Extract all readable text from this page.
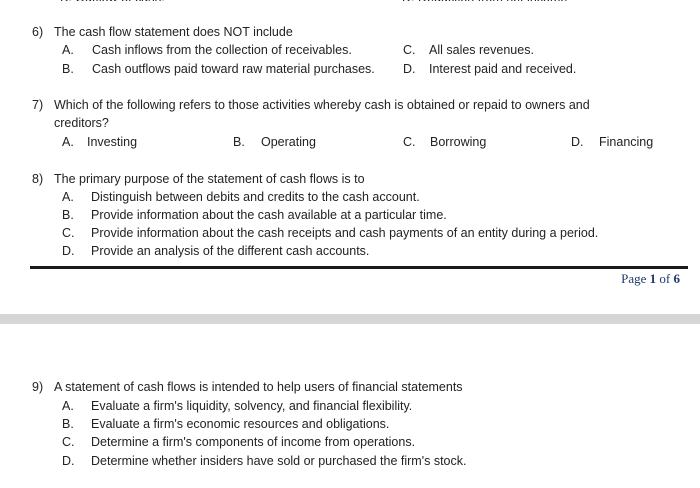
6) The cash flow statement does NOT include
A. Cash inflows from the collection of receivables.
B. Cash outflows paid toward raw material purchases.
C. All sales revenues.
D. Interest paid and received.
7) Which of the following refers to those activities whereby cash is obtained or repaid to owners and
creditors?
A. Investing	B. Operating	C. Borrowing	D. Financing
8) The primary purpose of the statement of cash flows is to
A. Distinguish between debits and credits to the cash account.
B. Provide information about the cash available at a particular time.
C. Provide information about the cash receipts and cash payments of an entity during a period.
D. Provide an analysis of the different cash accounts.
Page 1 of 6
9) A statement of cash flows is intended to help users of financial statements
A. Evaluate a firm's liquidity, solvency, and financial flexibility.
B. Evaluate a firm's economic resources and obligations.
C. Determine a firm's components of income from operations.
D. Determine whether insiders have sold or purchased the firm's stock.
